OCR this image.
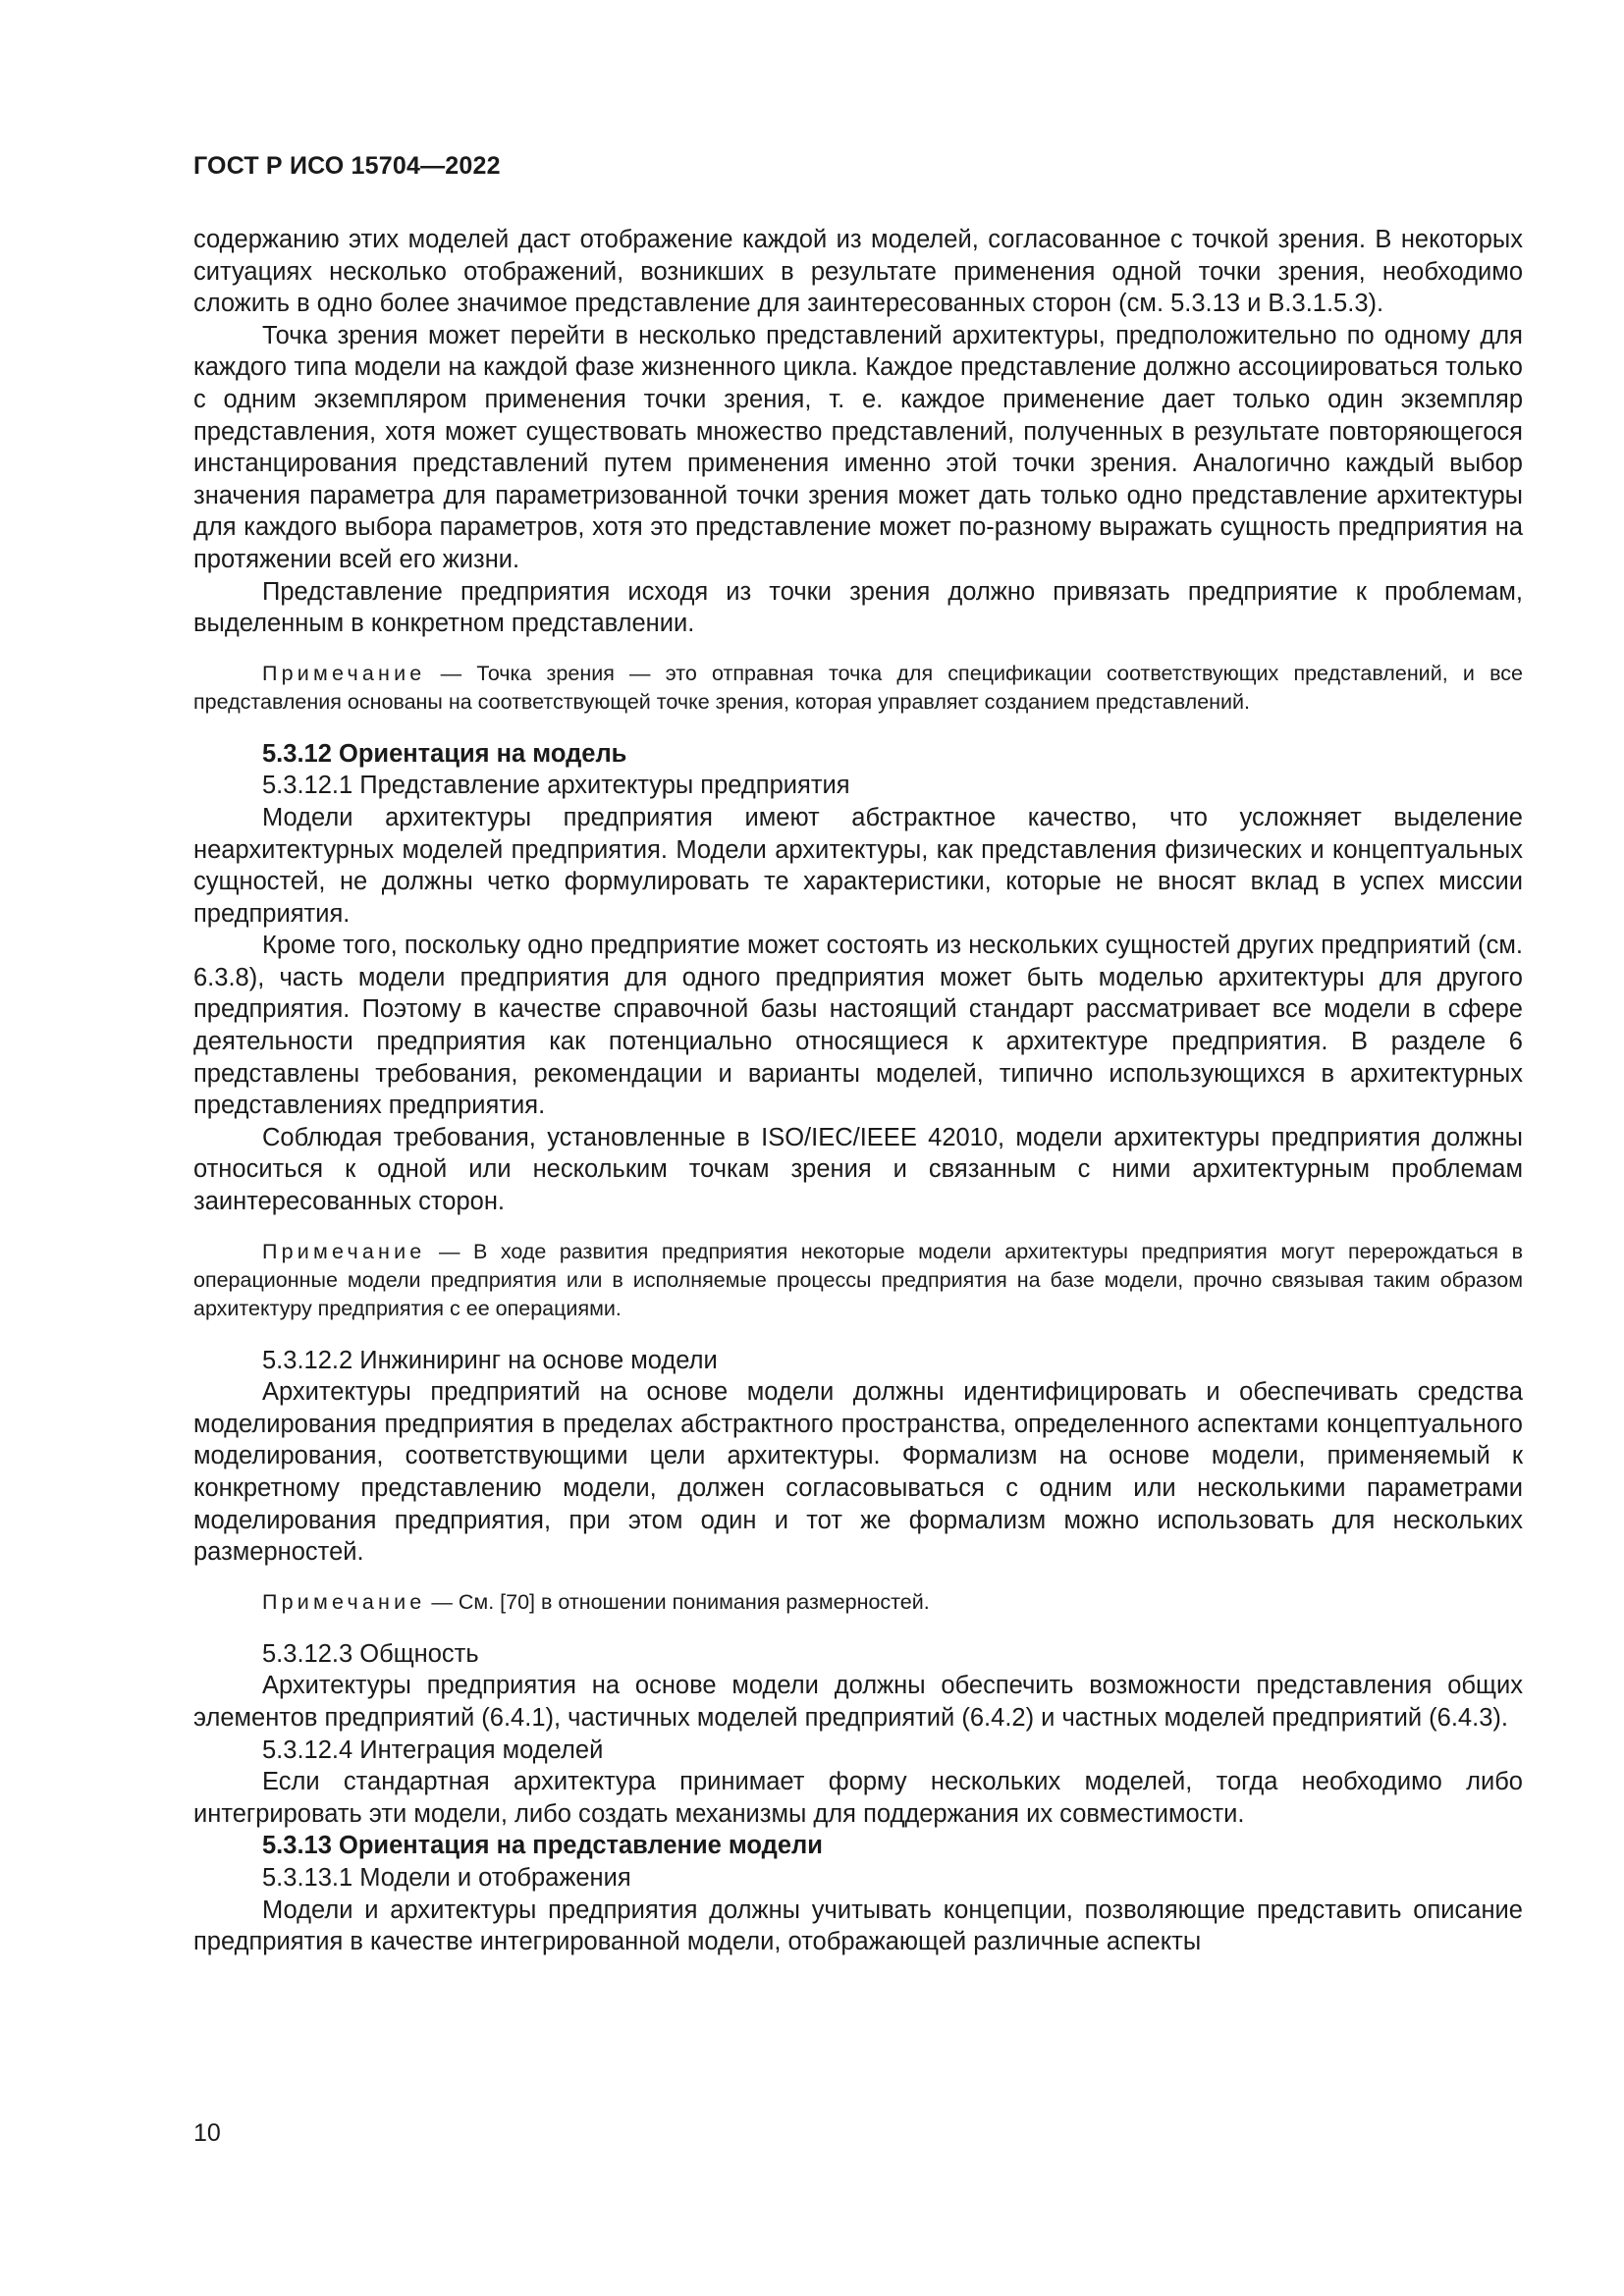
ГОСТ Р ИСО 15704—2022

содержанию этих моделей даст отображение каждой из моделей, согласованное с точкой зрения. В некоторых ситуациях несколько отображений, возникших в результате применения одной точки зрения, необходимо сложить в одно более значимое представление для заинтересованных сторон (см. 5.3.13 и В.3.1.5.3).

Точка зрения может перейти в несколько представлений архитектуры, предположительно по одному для каждого типа модели на каждой фазе жизненного цикла. Каждое представление должно ассоциироваться только с одним экземпляром применения точки зрения, т. е. каждое применение дает только один экземпляр представления, хотя может существовать множество представлений, полученных в результате повторяющегося инстанцирования представлений путем применения именно этой точки зрения. Аналогично каждый выбор значения параметра для параметризованной точки зрения может дать только одно представление архитектуры для каждого выбора параметров, хотя это представление может по-разному выражать сущность предприятия на протяжении всей его жизни.

Представление предприятия исходя из точки зрения должно привязать предприятие к проблемам, выделенным в конкретном представлении.

Примечание — Точка зрения — это отправная точка для спецификации соответствующих представлений, и все представления основаны на соответствующей точке зрения, которая управляет созданием представлений.

5.3.12 Ориентация на модель

5.3.12.1 Представление архитектуры предприятия

Модели архитектуры предприятия имеют абстрактное качество, что усложняет выделение неархитектурных моделей предприятия. Модели архитектуры, как представления физических и концептуальных сущностей, не должны четко формулировать те характеристики, которые не вносят вклад в успех миссии предприятия.

Кроме того, поскольку одно предприятие может состоять из нескольких сущностей других предприятий (см. 6.3.8), часть модели предприятия для одного предприятия может быть моделью архитектуры для другого предприятия. Поэтому в качестве справочной базы настоящий стандарт рассматривает все модели в сфере деятельности предприятия как потенциально относящиеся к архитектуре предприятия. В разделе 6 представлены требования, рекомендации и варианты моделей, типично использующихся в архитектурных представлениях предприятия.

Соблюдая требования, установленные в ISO/IEC/IEEE 42010, модели архитектуры предприятия должны относиться к одной или нескольким точкам зрения и связанным с ними архитектурным проблемам заинтересованных сторон.

Примечание — В ходе развития предприятия некоторые модели архитектуры предприятия могут перерождаться в операционные модели предприятия или в исполняемые процессы предприятия на базе модели, прочно связывая таким образом архитектуру предприятия с ее операциями.

5.3.12.2 Инжиниринг на основе модели

Архитектуры предприятий на основе модели должны идентифицировать и обеспечивать средства моделирования предприятия в пределах абстрактного пространства, определенного аспектами концептуального моделирования, соответствующими цели архитектуры. Формализм на основе модели, применяемый к конкретному представлению модели, должен согласовываться с одним или несколькими параметрами моделирования предприятия, при этом один и тот же формализм можно использовать для нескольких размерностей.

Примечание — См. [70] в отношении понимания размерностей.

5.3.12.3 Общность

Архитектуры предприятия на основе модели должны обеспечить возможности представления общих элементов предприятий (6.4.1), частичных моделей предприятий (6.4.2) и частных моделей предприятий (6.4.3).

5.3.12.4 Интеграция моделей

Если стандартная архитектура принимает форму нескольких моделей, тогда необходимо либо интегрировать эти модели, либо создать механизмы для поддержания их совместимости.

5.3.13 Ориентация на представление модели

5.3.13.1 Модели и отображения

Модели и архитектуры предприятия должны учитывать концепции, позволяющие представить описание предприятия в качестве интегрированной модели, отображающей различные аспекты

10
